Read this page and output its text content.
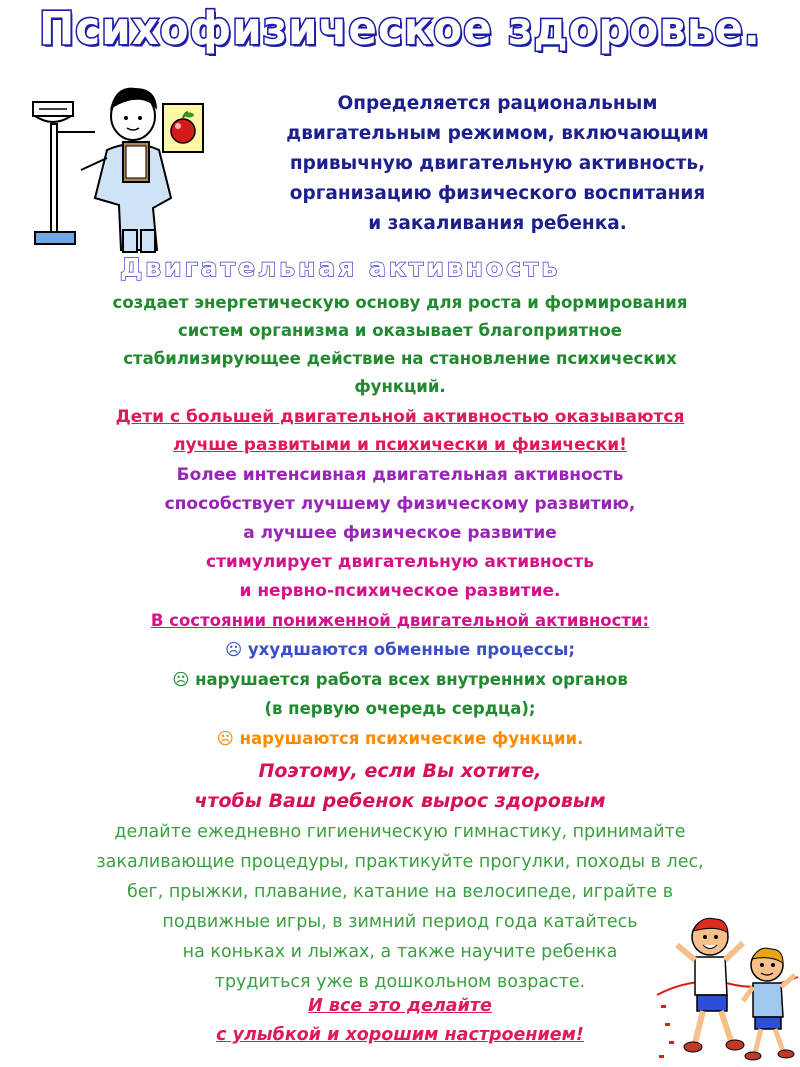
Психофизическое здоровье.
Определяется рациональным
двигательным режимом, включающим
привычную двигательную активность,
организацию физического воспитания
и закаливания ребенка.
Двигательная активность
создает энергетическую основу для роста и формирования
систем организма и оказывает благоприятное
стабилизирующее действие на становление психических
функций.
Дети с большей двигательной активностью оказываются
лучше развитыми и психически и физически!
Более интенсивная двигательная активность
способствует лучшему физическому развитию,
а лучшее физическое развитие
стимулирует двигательную активность
и нервно-психическое развитие.
В состоянии пониженной двигательной активности:
☹ ухудшаются обменные процессы;
☹ нарушается работа всех внутренних органов
(в первую очередь сердца);
☹ нарушаются психические функции.
Поэтому, если Вы хотите,
чтобы Ваш ребенок вырос здоровым
делайте ежедневно гигиеническую гимнастику, принимайте
закаливающие процедуры, практикуйте прогулки, походы в лес,
бег, прыжки, плавание, катание на велосипеде, играйте в
подвижные игры, в зимний период года катайтесь
на коньках и лыжах, а также научите ребенка
трудиться уже в дошкольном возрасте.
И все это делайте
с улыбкой и хорошим настроением!
